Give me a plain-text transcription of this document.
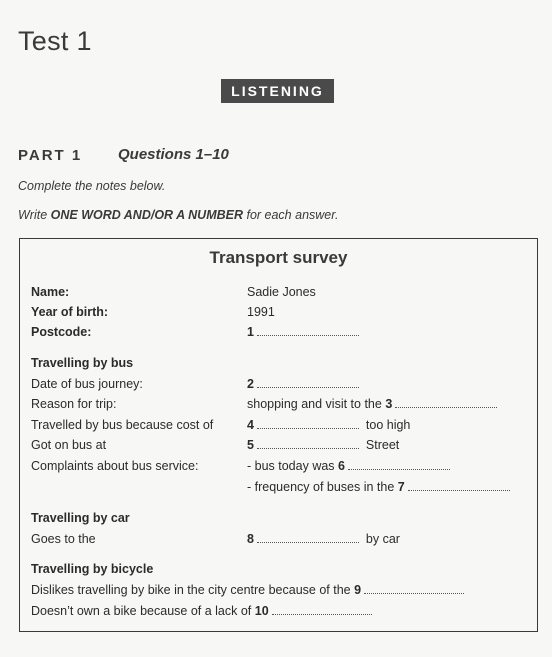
Test 1
LISTENING
PART 1 Questions 1–10
Complete the notes below.
Write ONE WORD AND/OR A NUMBER for each answer.
Transport survey
Name:	Sadie Jones
Year of birth:	1991
Postcode:	1
Travelling by bus
Date of bus journey:	2
Reason for trip:	shopping and visit to the 3
Travelled by bus because cost of	4	too high
Got on bus at	5	Street
Complaints about bus service:	- bus today was 6
- frequency of buses in the 7
Travelling by car
Goes to the	8	by car
Travelling by bicycle
Dislikes travelling by bike in the city centre because of the 9
Doesn’t own a bike because of a lack of 10
